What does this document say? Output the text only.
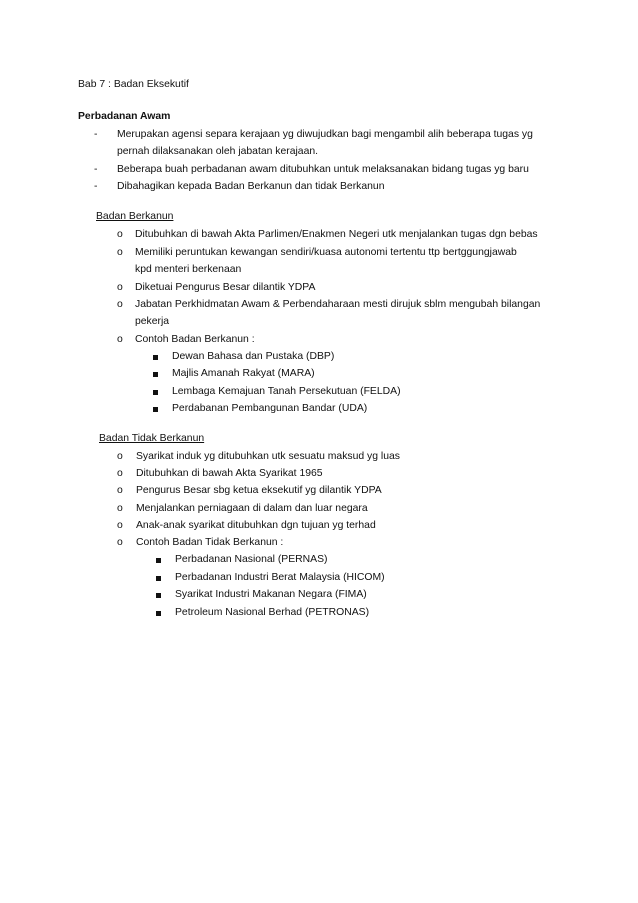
Bab 7 : Badan Eksekutif
Perbadanan Awam
- Merupakan agensi separa kerajaan yg diwujudkan bagi mengambil alih beberapa tugas yg
pernah dilaksanakan oleh jabatan kerajaan.
- Beberapa buah perbadanan awam ditubuhkan untuk melaksanakan bidang tugas yg baru
- Dibahagikan kepada Badan Berkanun dan tidak Berkanun
Badan Berkanun
o Ditubuhkan di bawah Akta Parlimen/Enakmen Negeri utk menjalankan tugas dgn bebas
o Memiliki peruntukan kewangan sendiri/kuasa autonomi tertentu ttp bertggungjawab
kpd menteri berkenaan
o Diketuai Pengurus Besar dilantik YDPA
o Jabatan Perkhidmatan Awam & Perbendaharaan mesti dirujuk sblm mengubah bilangan
pekerja
o Contoh Badan Berkanun :
Dewan Bahasa dan Pustaka (DBP)
Majlis Amanah Rakyat (MARA)
Lembaga Kemajuan Tanah Persekutuan (FELDA)
Perdabanan Pembangunan Bandar (UDA)
Badan Tidak Berkanun
o Syarikat induk yg ditubuhkan utk sesuatu maksud yg luas
o Ditubuhkan di bawah Akta Syarikat 1965
o Pengurus Besar sbg ketua eksekutif yg dilantik YDPA
o Menjalankan perniagaan di dalam dan luar negara
o Anak-anak syarikat ditubuhkan dgn tujuan yg terhad
o Contoh Badan Tidak Berkanun :
Perbadanan Nasional (PERNAS)
Perbadanan Industri Berat Malaysia (HICOM)
Syarikat Industri Makanan Negara (FIMA)
Petroleum Nasional Berhad (PETRONAS)
